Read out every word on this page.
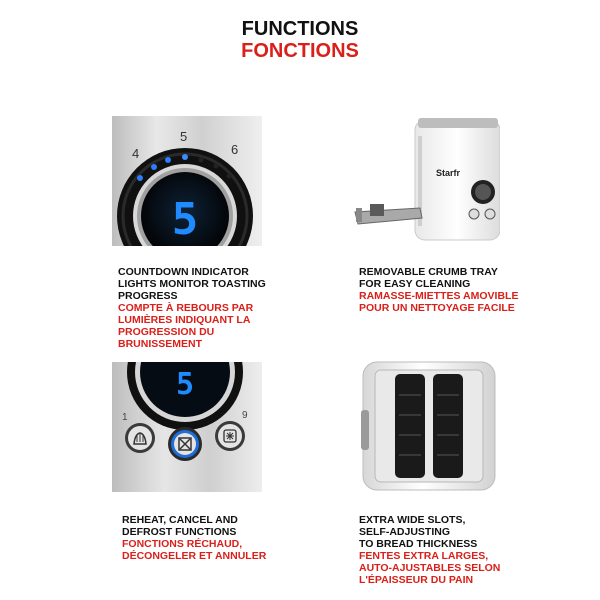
FUNCTIONS
FONCTIONS
4
5
6
5
COUNTDOWN INDICATOR
LIGHTS MONITOR TOASTING
PROGRESS
COMPTE À REBOURS PAR
LUMIÈRES INDIQUANT LA
PROGRESSION DU
BRUNISSEMENT
Starfr
REMOVABLE CRUMB TRAY
FOR EASY CLEANING
RAMASSE-MIETTES AMOVIBLE
POUR UN NETTOYAGE FACILE
5
1	9
REHEAT, CANCEL AND
DEFROST FUNCTIONS
FONCTIONS RÉCHAUD,
DÉCONGELER ET ANNULER
EXTRA WIDE SLOTS,
SELF-ADJUSTING
TO BREAD THICKNESS
FENTES EXTRA LARGES,
AUTO-AJUSTABLES SELON
L'ÉPAISSEUR DU PAIN
